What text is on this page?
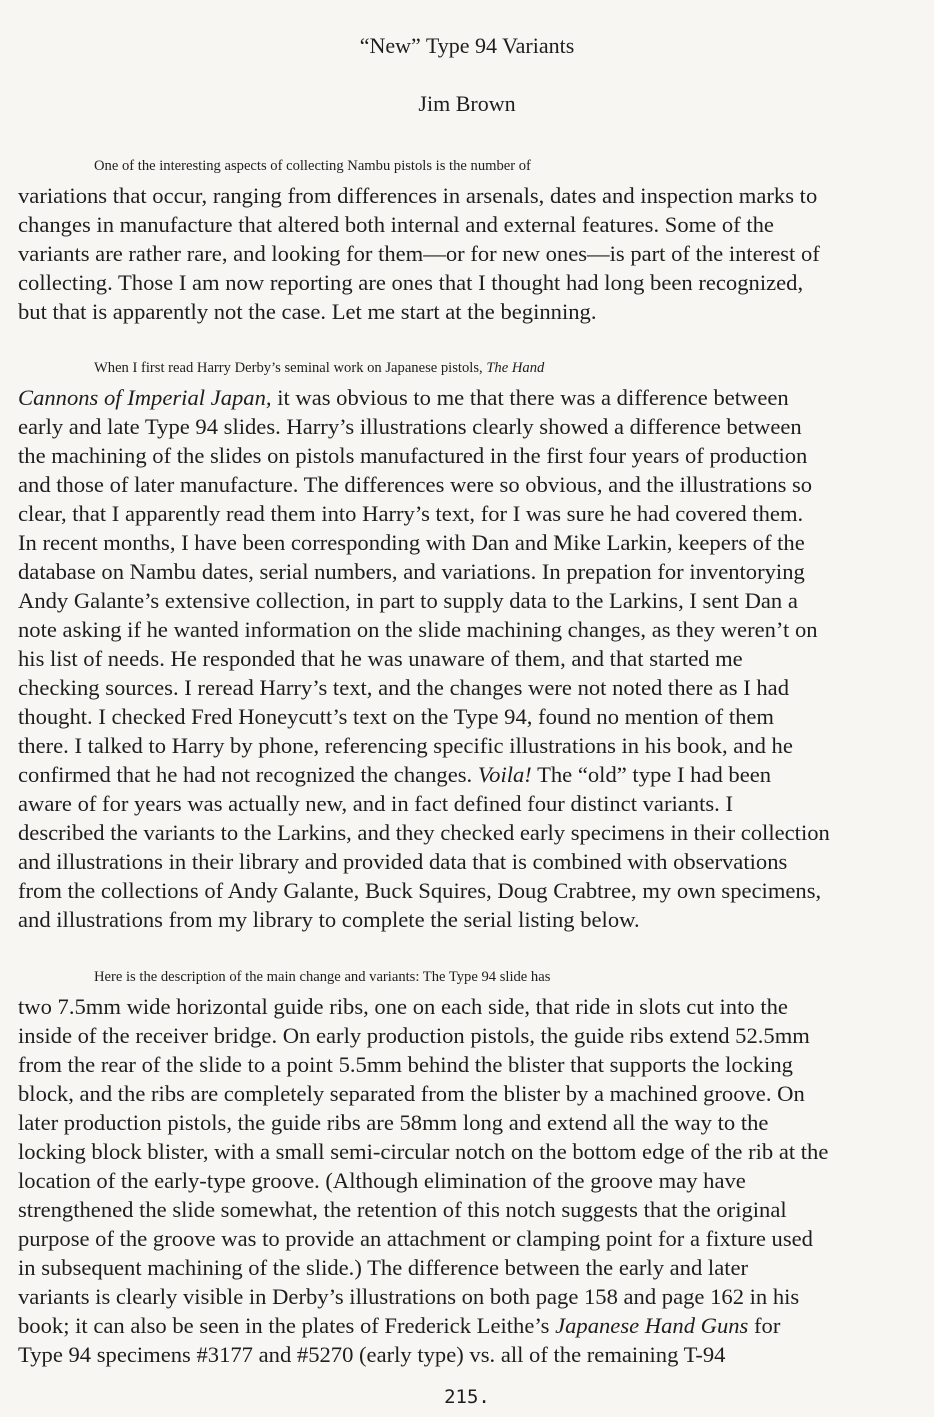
“New” Type 94 Variants
Jim Brown
One of the interesting aspects of collecting Nambu pistols is the number of
variations that occur, ranging from differences in arsenals, dates and inspection marks to
changes in manufacture that altered both internal and external features. Some of the
variants are rather rare, and looking for them—or for new ones—is part of the interest of
collecting. Those I am now reporting are ones that I thought had long been recognized,
but that is apparently not the case. Let me start at the beginning.
When I first read Harry Derby’s seminal work on Japanese pistols, The Hand
Cannons of Imperial Japan, it was obvious to me that there was a difference between
early and late Type 94 slides. Harry’s illustrations clearly showed a difference between
the machining of the slides on pistols manufactured in the first four years of production
and those of later manufacture. The differences were so obvious, and the illustrations so
clear, that I apparently read them into Harry’s text, for I was sure he had covered them.
In recent months, I have been corresponding with Dan and Mike Larkin, keepers of the
database on Nambu dates, serial numbers, and variations. In prepation for inventorying
Andy Galante’s extensive collection, in part to supply data to the Larkins, I sent Dan a
note asking if he wanted information on the slide machining changes, as they weren’t on
his list of needs. He responded that he was unaware of them, and that started me
checking sources. I reread Harry’s text, and the changes were not noted there as I had
thought. I checked Fred Honeycutt’s text on the Type 94, found no mention of them
there. I talked to Harry by phone, referencing specific illustrations in his book, and he
confirmed that he had not recognized the changes. Voila! The “old” type I had been
aware of for years was actually new, and in fact defined four distinct variants. I
described the variants to the Larkins, and they checked early specimens in their collection
and illustrations in their library and provided data that is combined with observations
from the collections of Andy Galante, Buck Squires, Doug Crabtree, my own specimens,
and illustrations from my library to complete the serial listing below.
Here is the description of the main change and variants: The Type 94 slide has
two 7.5mm wide horizontal guide ribs, one on each side, that ride in slots cut into the
inside of the receiver bridge. On early production pistols, the guide ribs extend 52.5mm
from the rear of the slide to a point 5.5mm behind the blister that supports the locking
block, and the ribs are completely separated from the blister by a machined groove. On
later production pistols, the guide ribs are 58mm long and extend all the way to the
locking block blister, with a small semi-circular notch on the bottom edge of the rib at the
location of the early-type groove. (Although elimination of the groove may have
strengthened the slide somewhat, the retention of this notch suggests that the original
purpose of the groove was to provide an attachment or clamping point for a fixture used
in subsequent machining of the slide.) The difference between the early and later
variants is clearly visible in Derby’s illustrations on both page 158 and page 162 in his
book; it can also be seen in the plates of Frederick Leithe’s Japanese Hand Guns for
Type 94 specimens #3177 and #5270 (early type) vs. all of the remaining T-94
215.
